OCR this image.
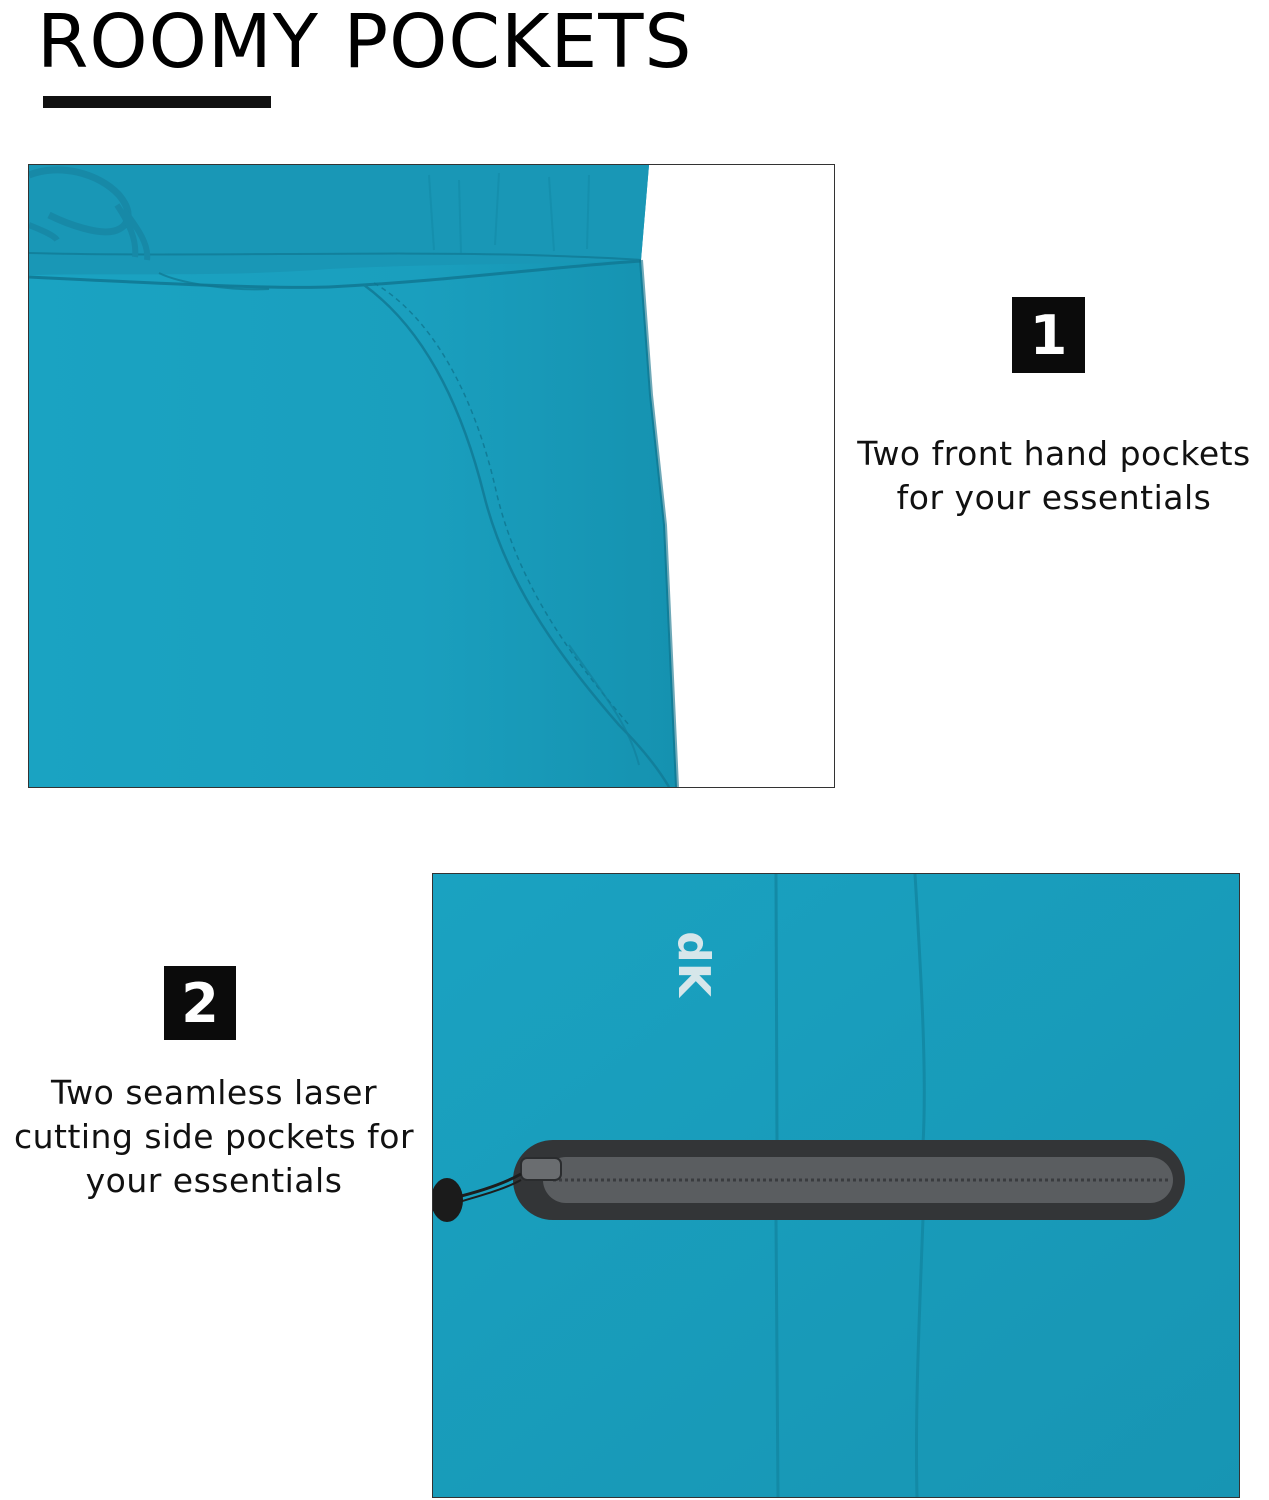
ROOMY POCKETS
1

Two front hand pockets
for your essentials

2

Two seamless laser
cutting side pockets for
your essentials

dK
